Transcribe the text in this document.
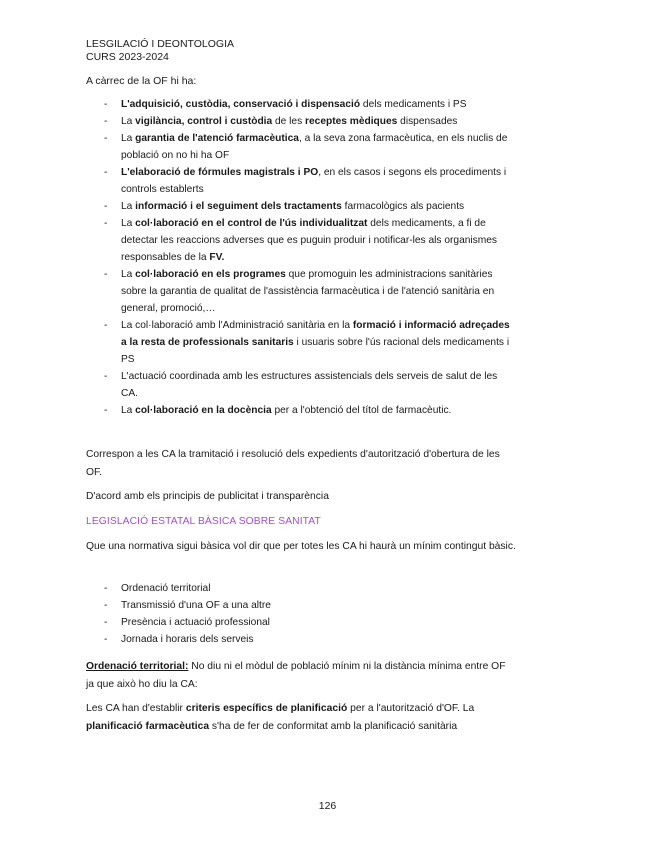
LESGILACIÓ I DEONTOLOGIA
CURS 2023-2024
A càrrec de la OF hi ha:
- L'adquisició, custòdia, conservació i dispensació dels medicaments i PS
- La vigilància, control i custòdia de les receptes mèdiques dispensades
- La garantia de l'atenció farmacèutica, a la seva zona farmacèutica, en els nuclis de població on no hi ha OF
- L'elaboració de fórmules magistrals i PO, en els casos i segons els procediments i controls establerts
- La informació i el seguiment dels tractaments farmacològics als pacients
- La col·laboració en el control de l'ús individualitzat dels medicaments, a fi de detectar les reaccions adverses que es puguin produir i notificar-les als organismes responsables de la FV.
- La col·laboració en els programes que promoguin les administracions sanitàries sobre la garantia de qualitat de l'assistència farmacèutica i de l'atenció sanitària en general, promoció,…
- La col·laboració amb l'Administració sanitària en la formació i informació adreçades a la resta de professionals sanitaris i usuaris sobre l'ús racional dels medicaments i PS
- L'actuació coordinada amb les estructures assistencials dels serveis de salut de les CA.
- La col·laboració en la docència per a l'obtenció del títol de farmacèutic.

Correspon a les CA la tramitació i resolució dels expedients d'autorització d'obertura de les OF.

D'acord amb els principis de publicitat i transparència

LEGISLACIÓ ESTATAL BÀSICA SOBRE SANITAT

Que una normativa sigui bàsica vol dir que per totes les CA hi haurà un mínim contingut bàsic.

- Ordenació territorial
- Transmissió d'una OF a una altre
- Presència i actuació professional
- Jornada i horaris dels serveis

Ordenació territorial: No diu ni el mòdul de població mínim ni la distància mínima entre OF ja que això ho diu la CA:

Les CA han d'establir criteris específics de planificació per a l'autorització d'OF. La planificació farmacèutica s'ha de fer de conformitat amb la planificació sanitària

126
